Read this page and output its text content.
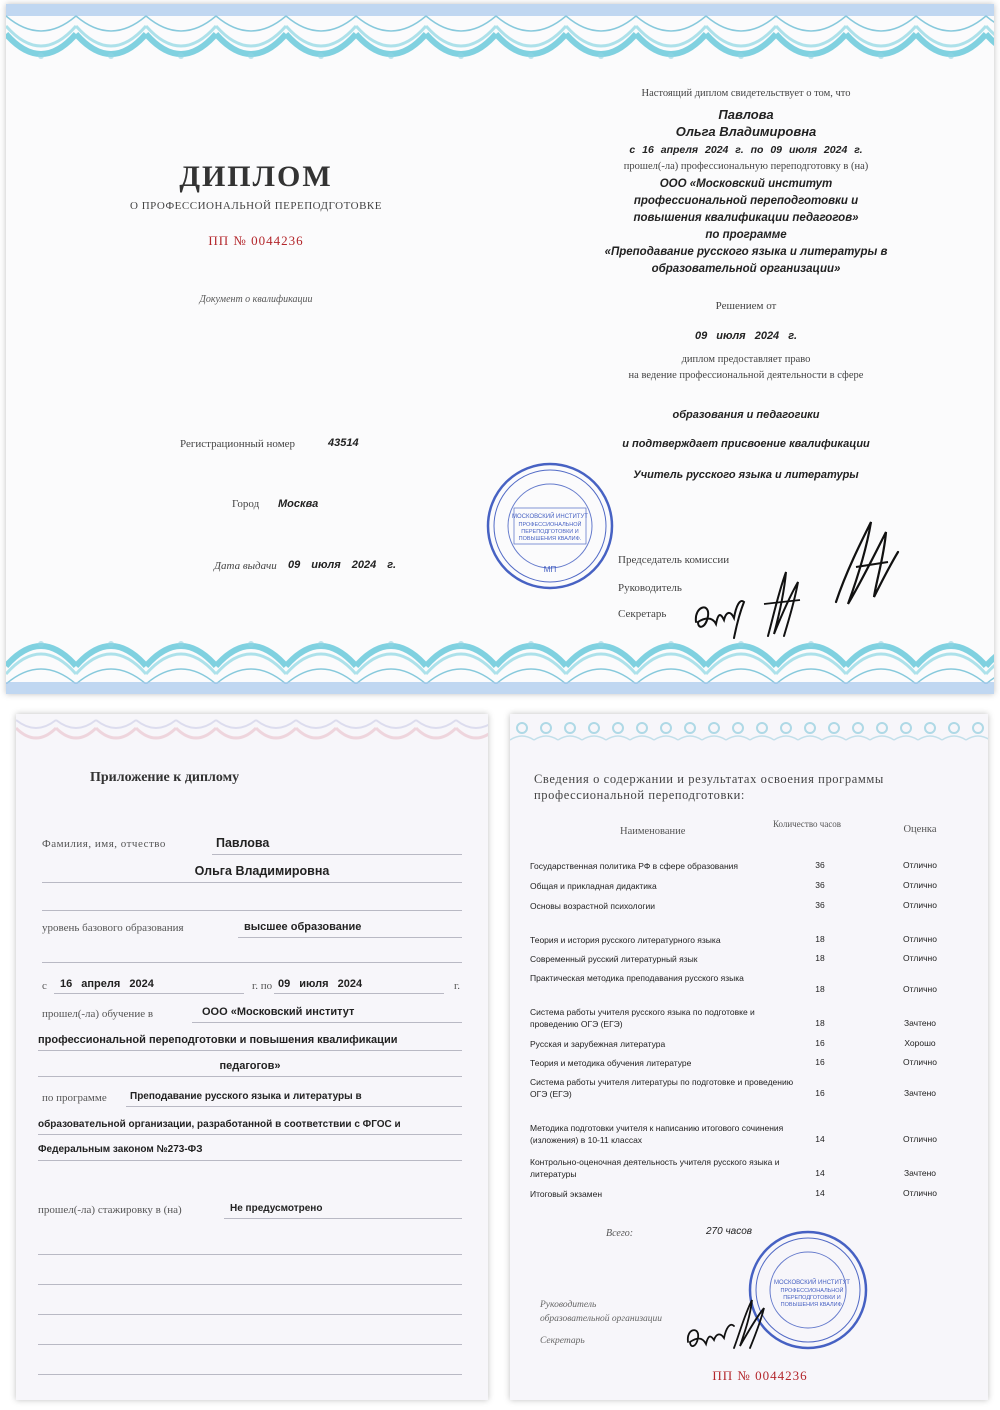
ДИПЛОМ
О ПРОФЕССИОНАЛЬНОЙ ПЕРЕПОДГОТОВКЕ
ПП № 0044236
Документ о квалификации
Регистрационный номер	43514
Город Москва
Дата выдачи 09 июля 2024 г.
Настоящий диплом свидетельствует о том, что
Павлова
Ольга Владимировна
с 16 апреля 2024 г. по 09 июля 2024 г.
прошел(-ла) профессиональную переподготовку в (на)
ООО «Московский институт
профессиональной переподготовки и
повышения квалификации педагогов»
по программе
«Преподавание русского языка и литературы в
образовательной организации»
Решением от
09 июля 2024 г.
диплом предоставляет право
на ведение профессиональной деятельности в сфере
образования и педагогики
и подтверждает присвоение квалификации
Учитель русского языка и литературы
МОСКОВСКИЙ ИНСТИТУТ
ПРОФЕССИОНАЛЬНОЙ
ПЕРЕПОДГОТОВКИ И
ПОВЫШЕНИЯ КВАЛИФ.
МП
Председатель комиссии
Руководитель
Секретарь
Приложение к диплому
Фамилия, имя, отчество	Павлова
Ольга Владимировна
уровень базового образования	высшее образование
с 16 апреля 2024	г. по 09 июля 2024	г.
прошел(-ла) обучение в	ООО «Московский институт
профессиональной переподготовки и повышения квалификации
педагогов»
по программе Преподавание русского языка и литературы в
образовательной организации, разработанной в соответствии с ФГОС и
Федеральным законом №273-ФЗ
прошел(-ла) стажировку в (на)	Не предусмотрено
Сведения о содержании и результатах освоения программы
профессиональной переподготовки:
Наименование
Количество часов	Оценка
Государственная политика РФ в сфере образования	36	Отлично
Общая и прикладная дидактика	36	Отлично
Основы возрастной психологии	36	Отлично
Теория и история русского литературного языка	18	Отлично
Современный русский литературный язык	18	Отлично
Практическая методика преподавания русского языка
18	Отлично
Система работы учителя русского языка по подготовке и проведению ОГЭ (ЕГЭ)	18	Зачтено
Русская и зарубежная литература	16	Хорошо
Теория и методика обучения литературе	16	Отлично
Система работы учителя литературы по подготовке и проведению ОГЭ (ЕГЭ)	16	Зачтено
Методика подготовки учителя к написанию итогового сочинения (изложения) в 10-11 классах	14	Отлично
Контрольно-оценочная деятельность учителя русского языка и литературы	14	Зачтено
Итоговый экзамен	14	Отлично
Всего:	270 часов
МОСКОВСКИЙ ИНСТИТУТ
ПРОФЕССИОНАЛЬНОЙ
ПЕРЕПОДГОТОВКИ И
ПОВЫШЕНИЯ КВАЛИФ.
Руководитель
образовательной организации
Секретарь
ПП № 0044236
